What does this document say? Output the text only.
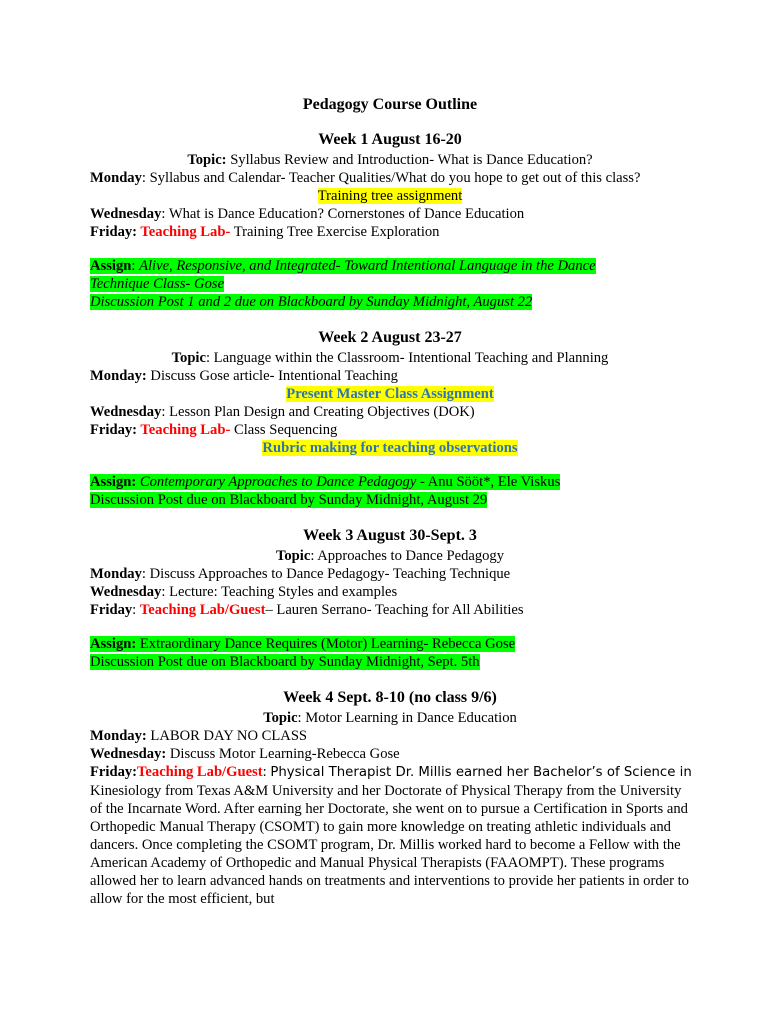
Pedagogy Course Outline

Week 1 August 16-20

Topic: Syllabus Review and Introduction- What is Dance Education?

Monday: Syllabus and Calendar- Teacher Qualities/What do you hope to get out of this class?

Training tree assignment

Wednesday: What is Dance Education? Cornerstones of Dance Education

Friday: Teaching Lab- Training Tree Exercise Exploration

Assign: Alive, Responsive, and Integrated- Toward Intentional Language in the Dance

Technique Class- Gose

Discussion Post 1 and 2 due on Blackboard by Sunday Midnight, August 22

Week 2 August 23-27

Topic: Language within the Classroom- Intentional Teaching and Planning

Monday: Discuss Gose article- Intentional Teaching

Present Master Class Assignment

Wednesday: Lesson Plan Design and Creating Objectives (DOK)

Friday: Teaching Lab- Class Sequencing

Rubric making for teaching observations

Assign: Contemporary Approaches to Dance Pedagogy - Anu Sööt*, Ele Viskus

Discussion Post due on Blackboard by Sunday Midnight, August 29

Week 3 August 30-Sept. 3

Topic: Approaches to Dance Pedagogy

Monday: Discuss Approaches to Dance Pedagogy- Teaching Technique

Wednesday: Lecture: Teaching Styles and examples

Friday: Teaching Lab/Guest– Lauren Serrano- Teaching for All Abilities

Assign: Extraordinary Dance Requires (Motor) Learning- Rebecca Gose

Discussion Post due on Blackboard by Sunday Midnight, Sept. 5th

Week 4 Sept. 8-10 (no class 9/6)

Topic: Motor Learning in Dance Education

Monday: LABOR DAY NO CLASS

Wednesday: Discuss Motor Learning-Rebecca Gose

Friday:Teaching Lab/Guest: Physical Therapist Dr. Millis earned her Bachelor’s of Science in

Kinesiology from Texas A&M University and her Doctorate of Physical Therapy from the University of the Incarnate Word. After earning her Doctorate, she went on to pursue a Certification in Sports and Orthopedic Manual Therapy (CSOMT) to gain more knowledge on treating athletic individuals and dancers. Once completing the CSOMT program, Dr. Millis worked hard to become a Fellow with the American Academy of Orthopedic and Manual Physical Therapists (FAAOMPT). These programs allowed her to learn advanced hands on treatments and interventions to provide her patients in order to allow for the most efficient, but
